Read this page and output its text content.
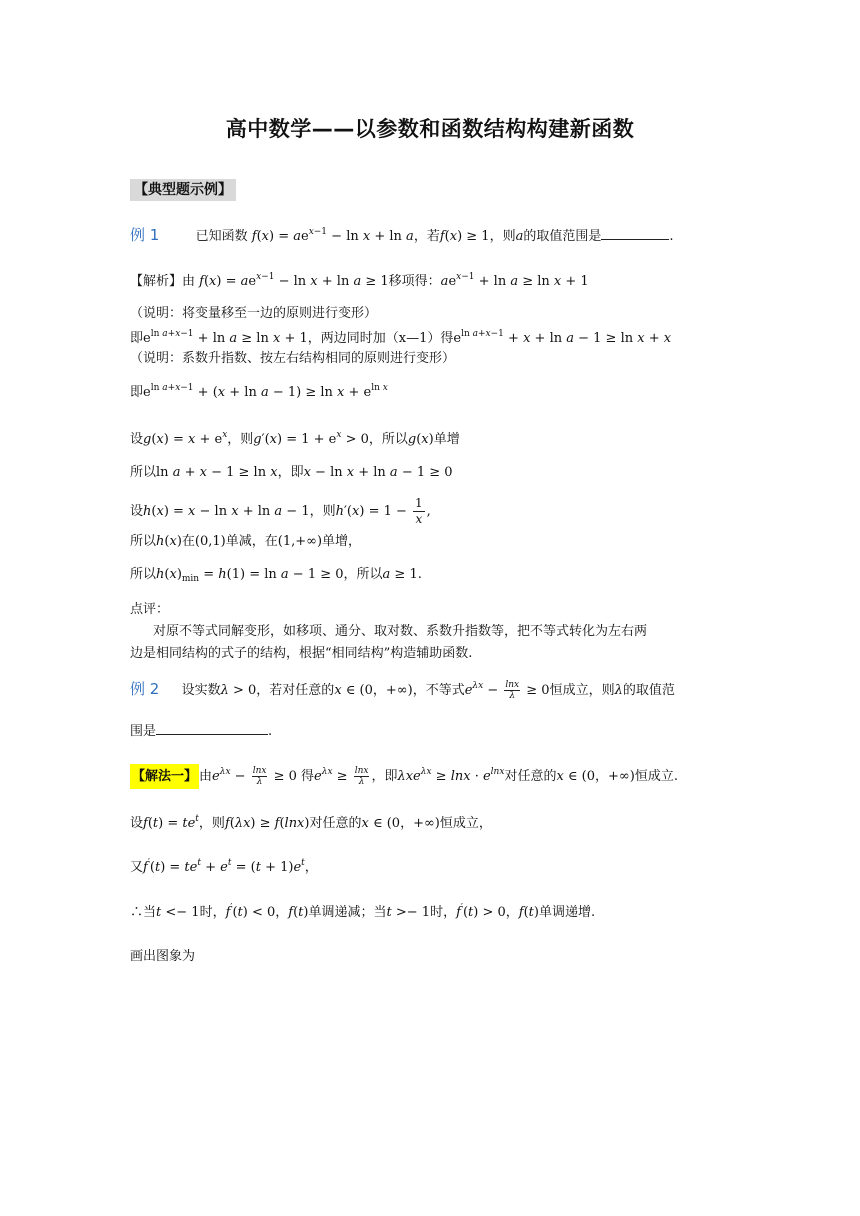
高中数学——以参数和函数结构构建新函数
【典型题示例】
例 1	已知函数 $f(x) = ae^{x-1} - \ln x + \ln a$，若f(x) ≥ 1，则a的取值范围是	.
【解析】由 $f(x) = ae^{x-1} - \ln x + \ln a \ge 1$移项得：$ae^{x-1} + \ln a \ge \ln x + 1$
（说明：将变量移至一边的原则进行变形）
即$e^{ln a+x-1} + \ln a \ge \ln x + 1$，两边同时加（x—1）得$e^{ln a+x-1} + x + \ln a - 1 \ge \ln x + x$
（说明：系数升指数、按左右结构相同的原则进行变形）
即$e^{ln a+x-1} + (x + \ln a - 1) \ge \ln x + e^{ln x}$
设$g(x) = x + e^x$，则$g'(x) = 1 + e^x > 0$，所以g(x)单增
所以ln a + x − 1 ≥ ln x，即x − ln x + ln a − 1 ≥ 0
设h(x) = x − ln x + ln a − 1，则$h'(x) = 1 - \frac{1}{x}$ ,
所以h(x)在(0,1)单减，在(1,+∞)单增，
所以$h(x)_{min} = h(1) = \ln a - 1 \ge 0$，所以a ≥ 1.
点评：
对原不等式同解变形，如移项、通分、取对数、系数升指数等，把不等式转化为左右两
边是相同结构的式子的结构，根据“相同结构”构造辅助函数.
例 2 设实数λ > 0，若对任意的x ∈ (0，+∞)，不等式$e^{\lambda x} - \frac{\ln x}{\lambda} \ge 0$恒成立，则λ的取值范
围是	.
【解法一】 由$e^{\lambda x} - \frac{\ln x}{\lambda} \ge 0$ 得$e^{\lambda x} \ge \frac{\ln x}{\lambda}$ ，即$\lambda xe^{\lambda x} \ge \ln x \cdot e^{lnx}$对任意的x ∈ (0，+∞)恒成立.
设$f(t) = te^t$，则f(λx) ≥ f(lnx)对任意的x ∈ (0，+∞)恒成立，
又$f'(t) = te^t + e^t = (t + 1)e^t$，
∴当t <− 1时，f′(t) < 0，f(t)单调递减；当t >− 1时，f′(t) > 0，f(t)单调递增.
画出图象为
